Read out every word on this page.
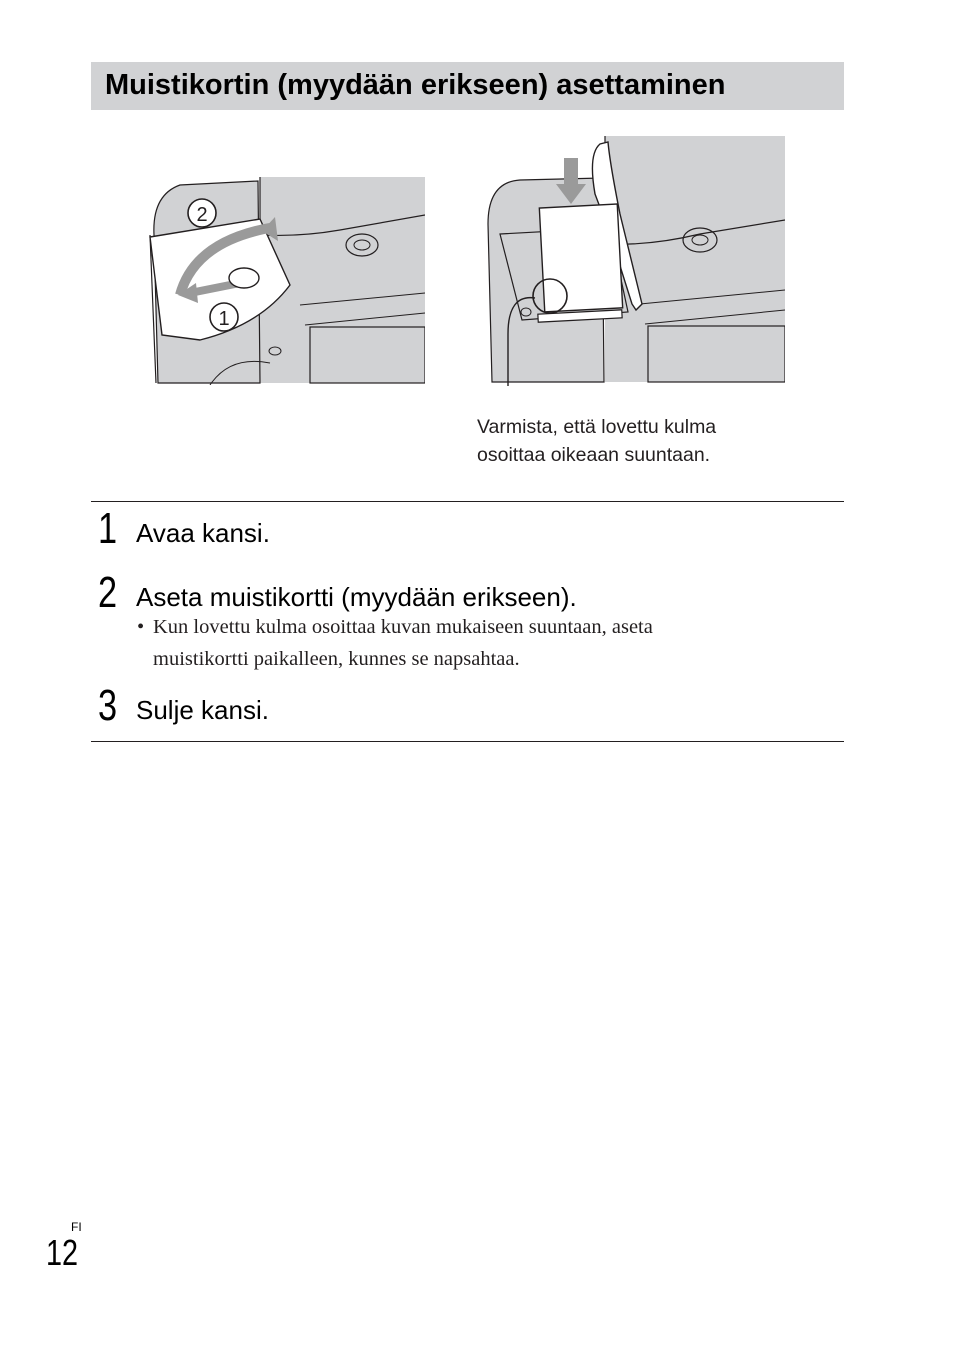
Muistikortin (myydään erikseen) asettaminen
2
1
Varmista, että lovettu kulma
osoittaa oikeaan suuntaan.
1 Avaa kansi.
2 Aseta muistikortti (myydään erikseen).
• Kun lovettu kulma osoittaa kuvan mukaiseen suuntaan, aseta
muistikortti paikalleen, kunnes se napsahtaa.
3 Sulje kansi.
FI
12
